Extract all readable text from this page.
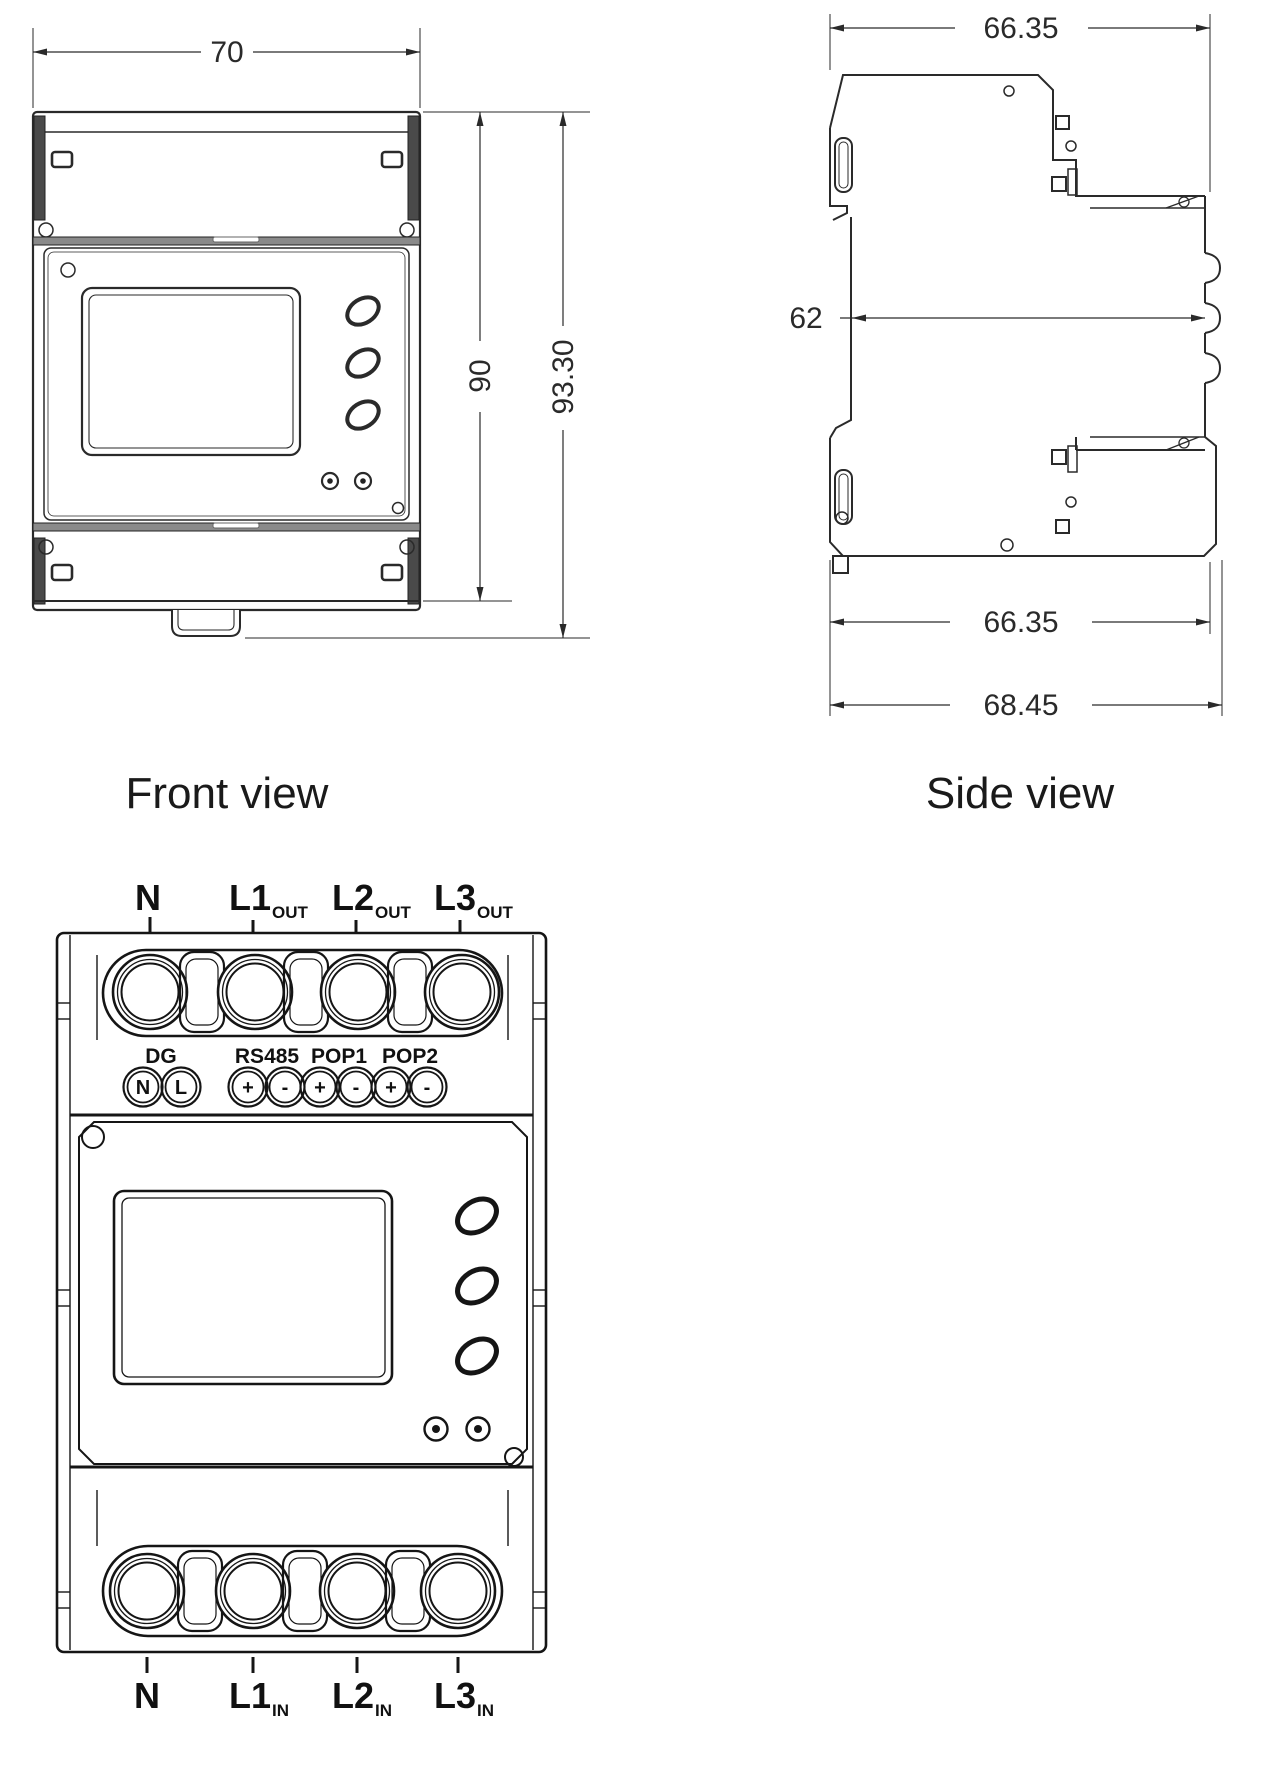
70
90 93.30
Front view
66.35
62
66.35
68.45
Side view
N L1 OUT L2 OUT L3 OUT
DG	RS485 POP1 POP2
N L	+ - + - + -
N L1 IN L2 IN L3 IN
